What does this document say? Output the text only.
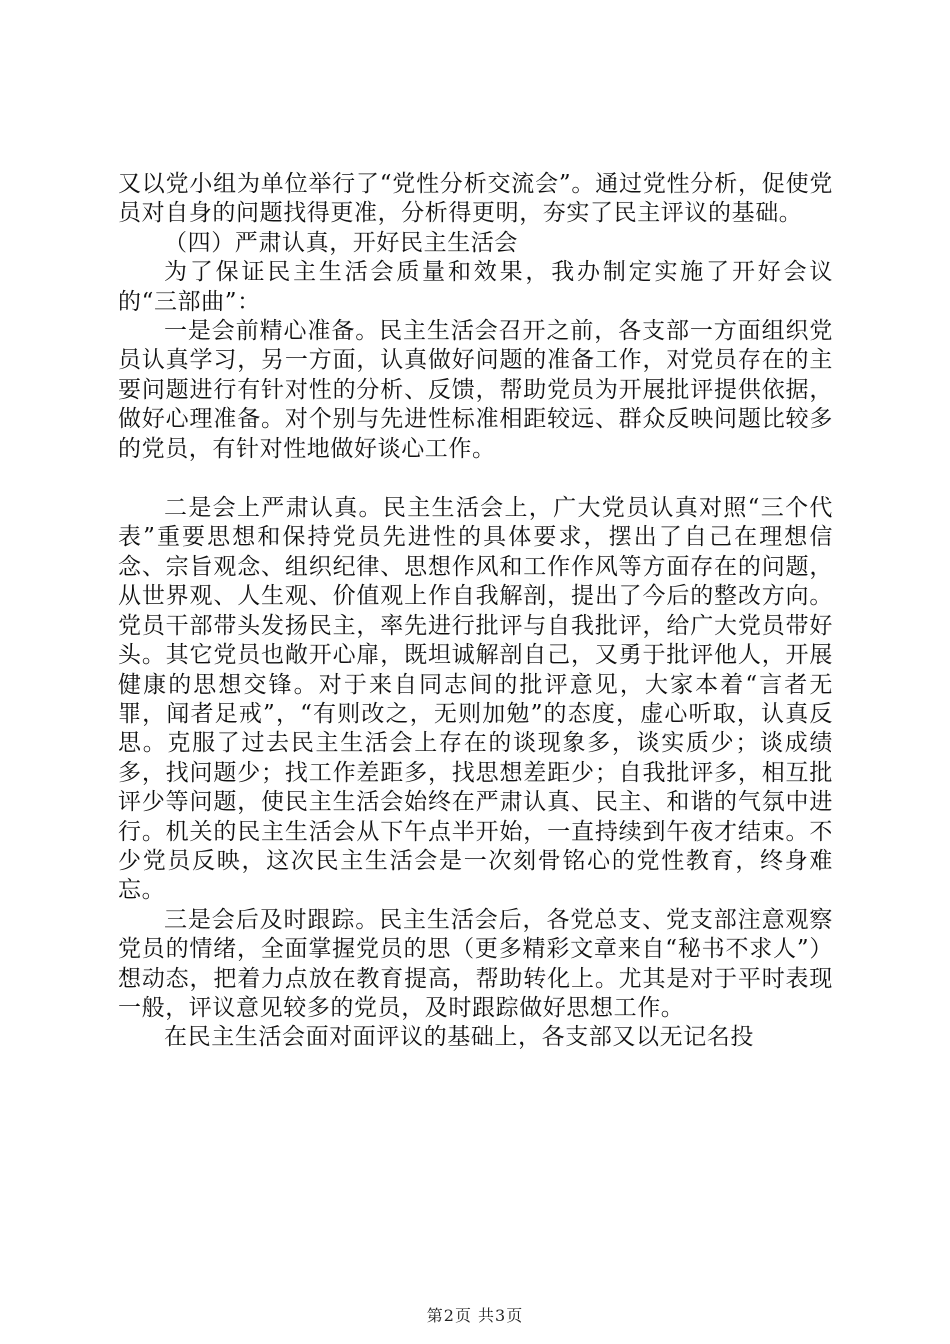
又以党小组为单位举行了“党性分析交流会”。通过党性分析，促使党员对自身的问题找得更准，分析得更明，夯实了民主评议的基础。

（四）严肃认真，开好民主生活会

为了保证民主生活会质量和效果，我办制定实施了开好会议的“三部曲”：

一是会前精心准备。民主生活会召开之前，各支部一方面组织党员认真学习，另一方面，认真做好问题的准备工作，对党员存在的主要问题进行有针对性的分析、反馈，帮助党员为开展批评提供依据，做好心理准备。对个别与先进性标准相距较远、群众反映问题比较多的党员，有针对性地做好谈心工作。

二是会上严肃认真。民主生活会上，广大党员认真对照“三个代表”重要思想和保持党员先进性的具体要求，摆出了自己在理想信念、宗旨观念、组织纪律、思想作风和工作作风等方面存在的问题，从世界观、人生观、价值观上作自我解剖，提出了今后的整改方向。党员干部带头发扬民主，率先进行批评与自我批评，给广大党员带好头。其它党员也敞开心扉，既坦诚解剖自己，又勇于批评他人，开展健康的思想交锋。对于来自同志间的批评意见，大家本着“言者无罪，闻者足戒”，“有则改之，无则加勉”的态度，虚心听取，认真反思。克服了过去民主生活会上存在的谈现象多，谈实质少；谈成绩多，找问题少；找工作差距多，找思想差距少；自我批评多，相互批评少等问题，使民主生活会始终在严肃认真、民主、和谐的气氛中进行。机关的民主生活会从下午点半开始，一直持续到午夜才结束。不少党员反映，这次民主生活会是一次刻骨铭心的党性教育，终身难忘。

三是会后及时跟踪。民主生活会后，各党总支、党支部注意观察党员的情绪，全面掌握党员的思（更多精彩文章来自“秘书不求人”）想动态，把着力点放在教育提高，帮助转化上。尤其是对于平时表现一般，评议意见较多的党员，及时跟踪做好思想工作。

在民主生活会面对面评议的基础上，各支部又以无记名投

第2页 共3页
